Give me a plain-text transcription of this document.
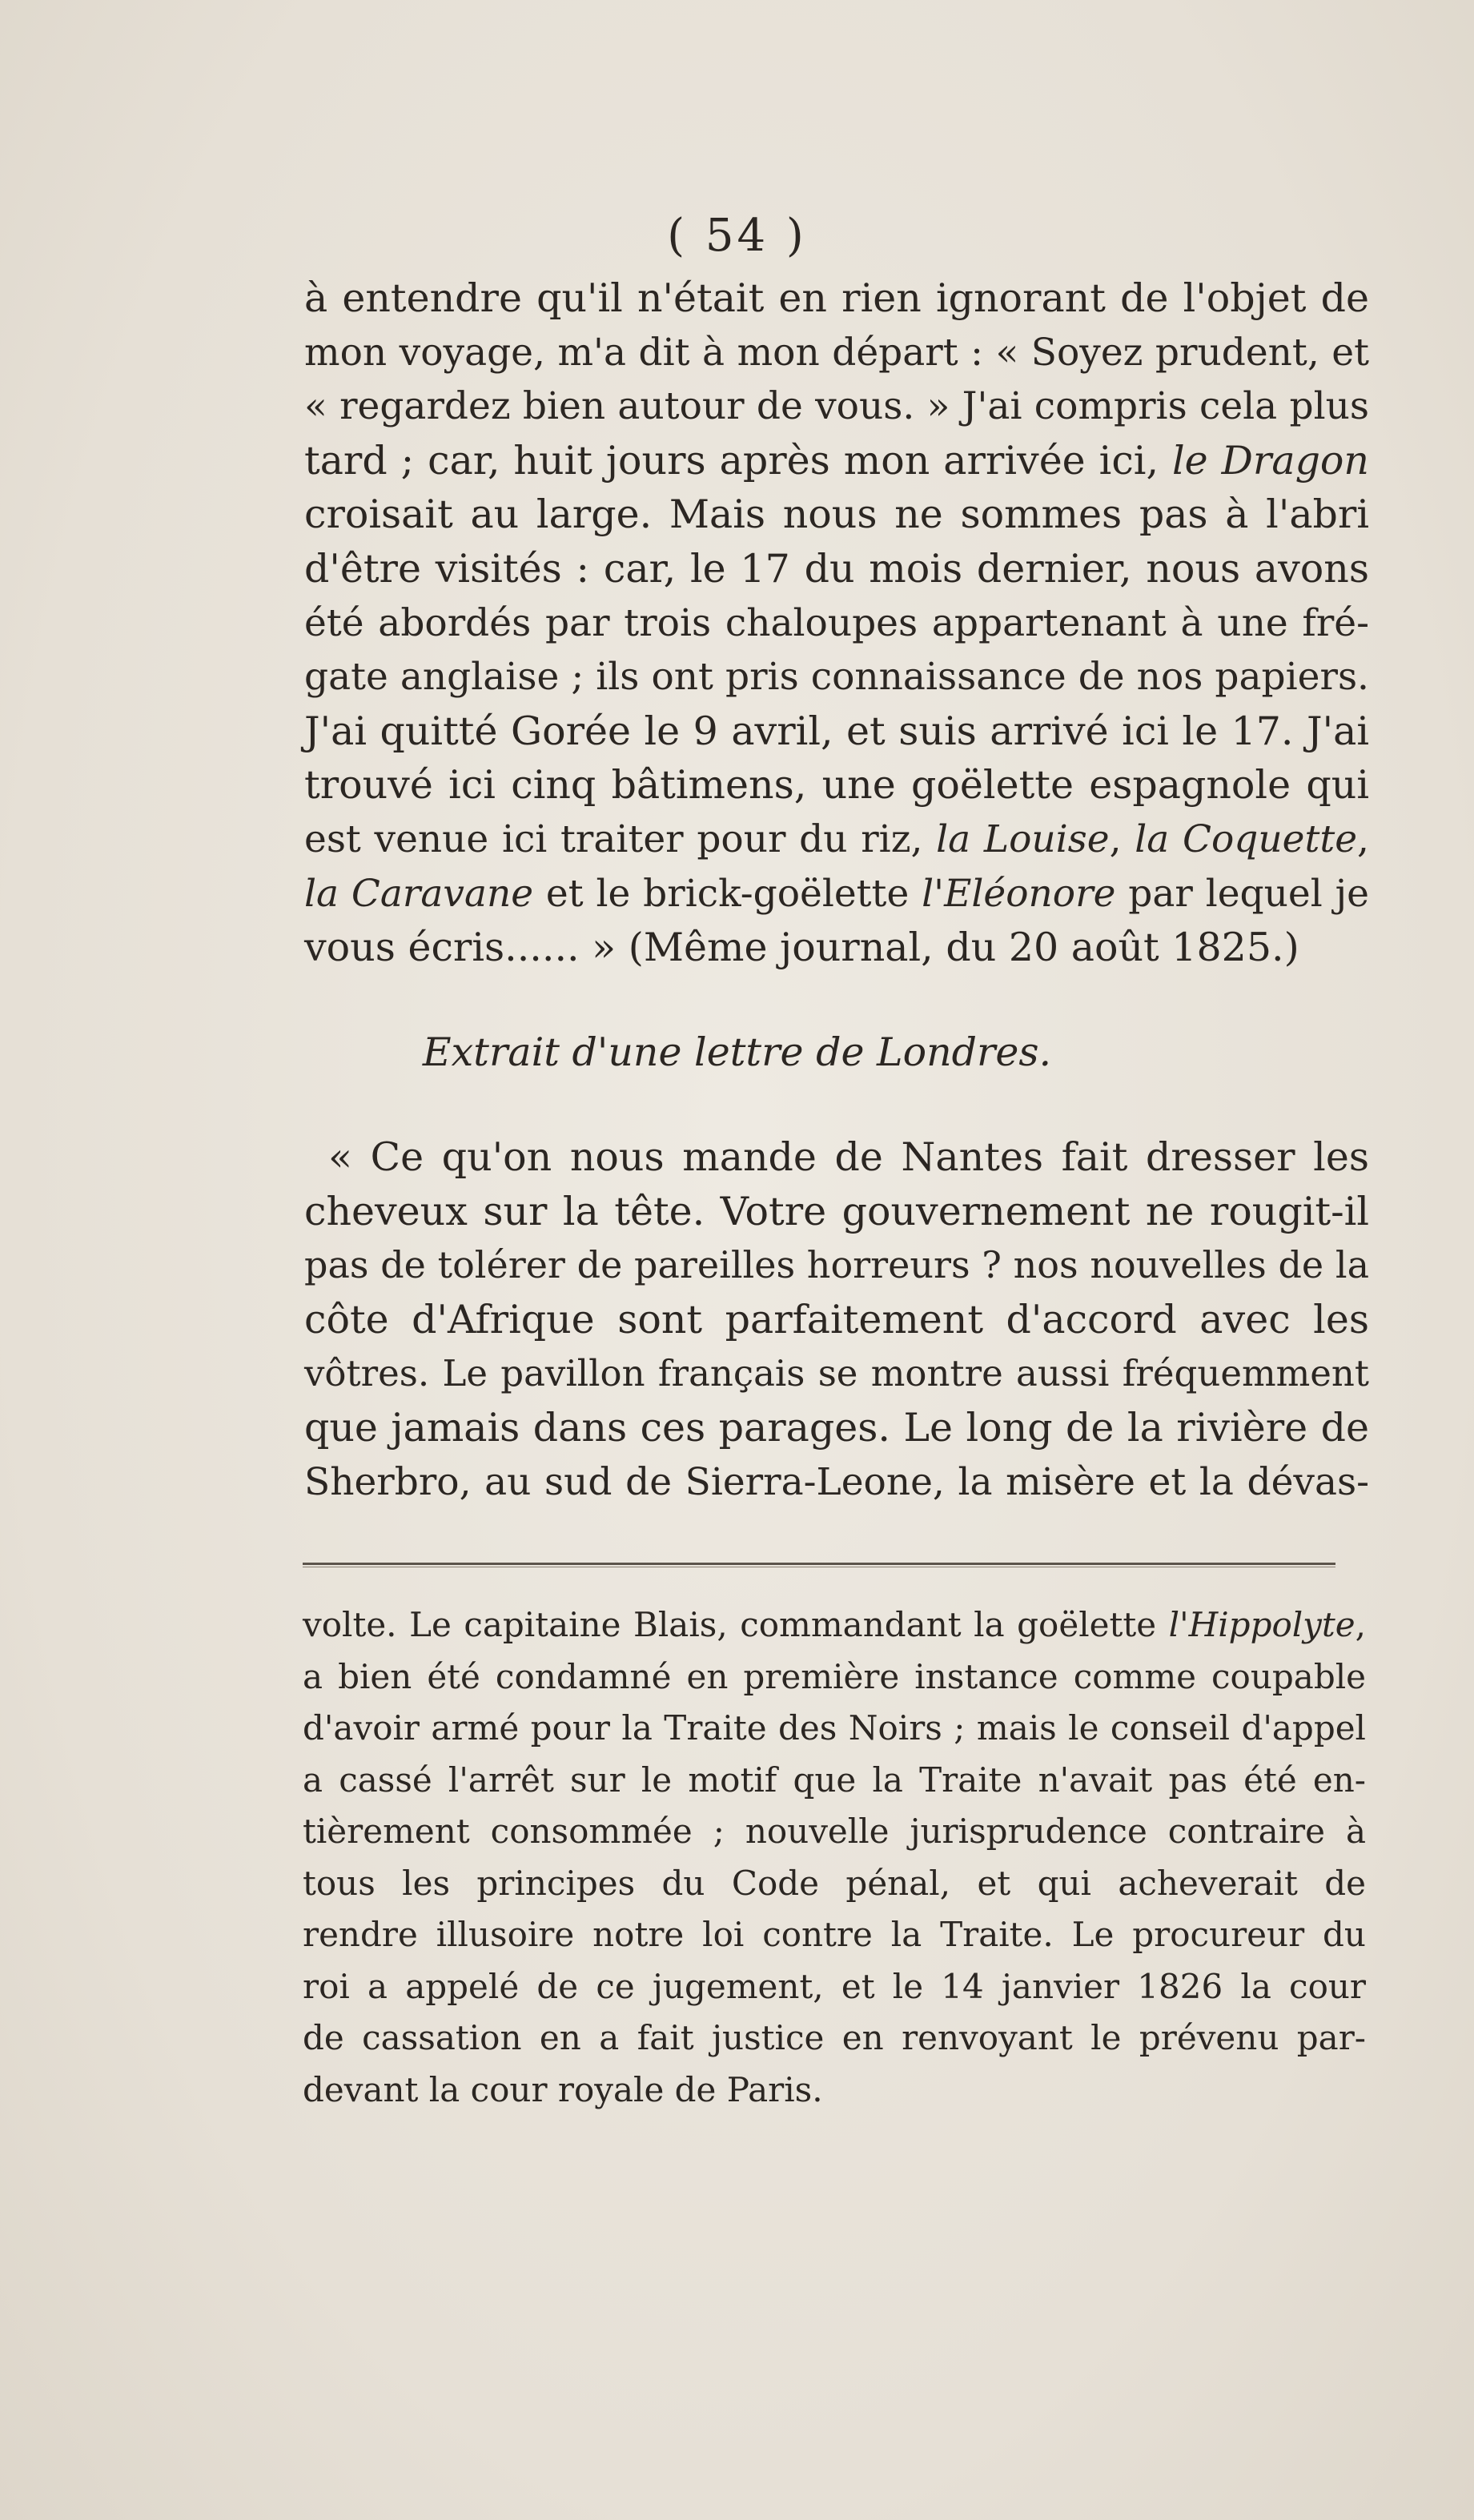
( 54 )
à entendre qu'il n'était en rien ignorant de l'objet de
mon voyage, m'a dit à mon départ : « Soyez prudent, et
« regardez bien autour de vous. » J'ai compris cela plus
tard ; car, huit jours après mon arrivée ici, le Dragon
croisait au large. Mais nous ne sommes pas à l'abri
d'être visités : car, le 17 du mois dernier, nous avons
été abordés par trois chaloupes appartenant à une fré-
gate anglaise ; ils ont pris connaissance de nos papiers.
J'ai quitté Gorée le 9 avril, et suis arrivé ici le 17. J'ai
trouvé ici cinq bâtimens, une goëlette espagnole qui
est venue ici traiter pour du riz, la Louise, la Coquette,
la Caravane et le brick-goëlette l'Eléonore par lequel je
vous écris...... » (Même journal, du 20 août 1825.)
Extrait d'une lettre de Londres.
« Ce qu'on nous mande de Nantes fait dresser les
cheveux sur la tête. Votre gouvernement ne rougit-il
pas de tolérer de pareilles horreurs ? nos nouvelles de la
côte d'Afrique sont parfaitement d'accord avec les
vôtres. Le pavillon français se montre aussi fréquemment
que jamais dans ces parages. Le long de la rivière de
Sherbro, au sud de Sierra-Leone, la misère et la dévas-
volte. Le capitaine Blais, commandant la goëlette l'Hippolyte,
a bien été condamné en première instance comme coupable
d'avoir armé pour la Traite des Noirs ; mais le conseil d'appel
a cassé l'arrêt sur le motif que la Traite n'avait pas été en-
tièrement consommée ; nouvelle jurisprudence contraire à
tous les principes du Code pénal, et qui acheverait de
rendre illusoire notre loi contre la Traite. Le procureur du
roi a appelé de ce jugement, et le 14 janvier 1826 la cour
de cassation en a fait justice en renvoyant le prévenu par-
devant la cour royale de Paris.
